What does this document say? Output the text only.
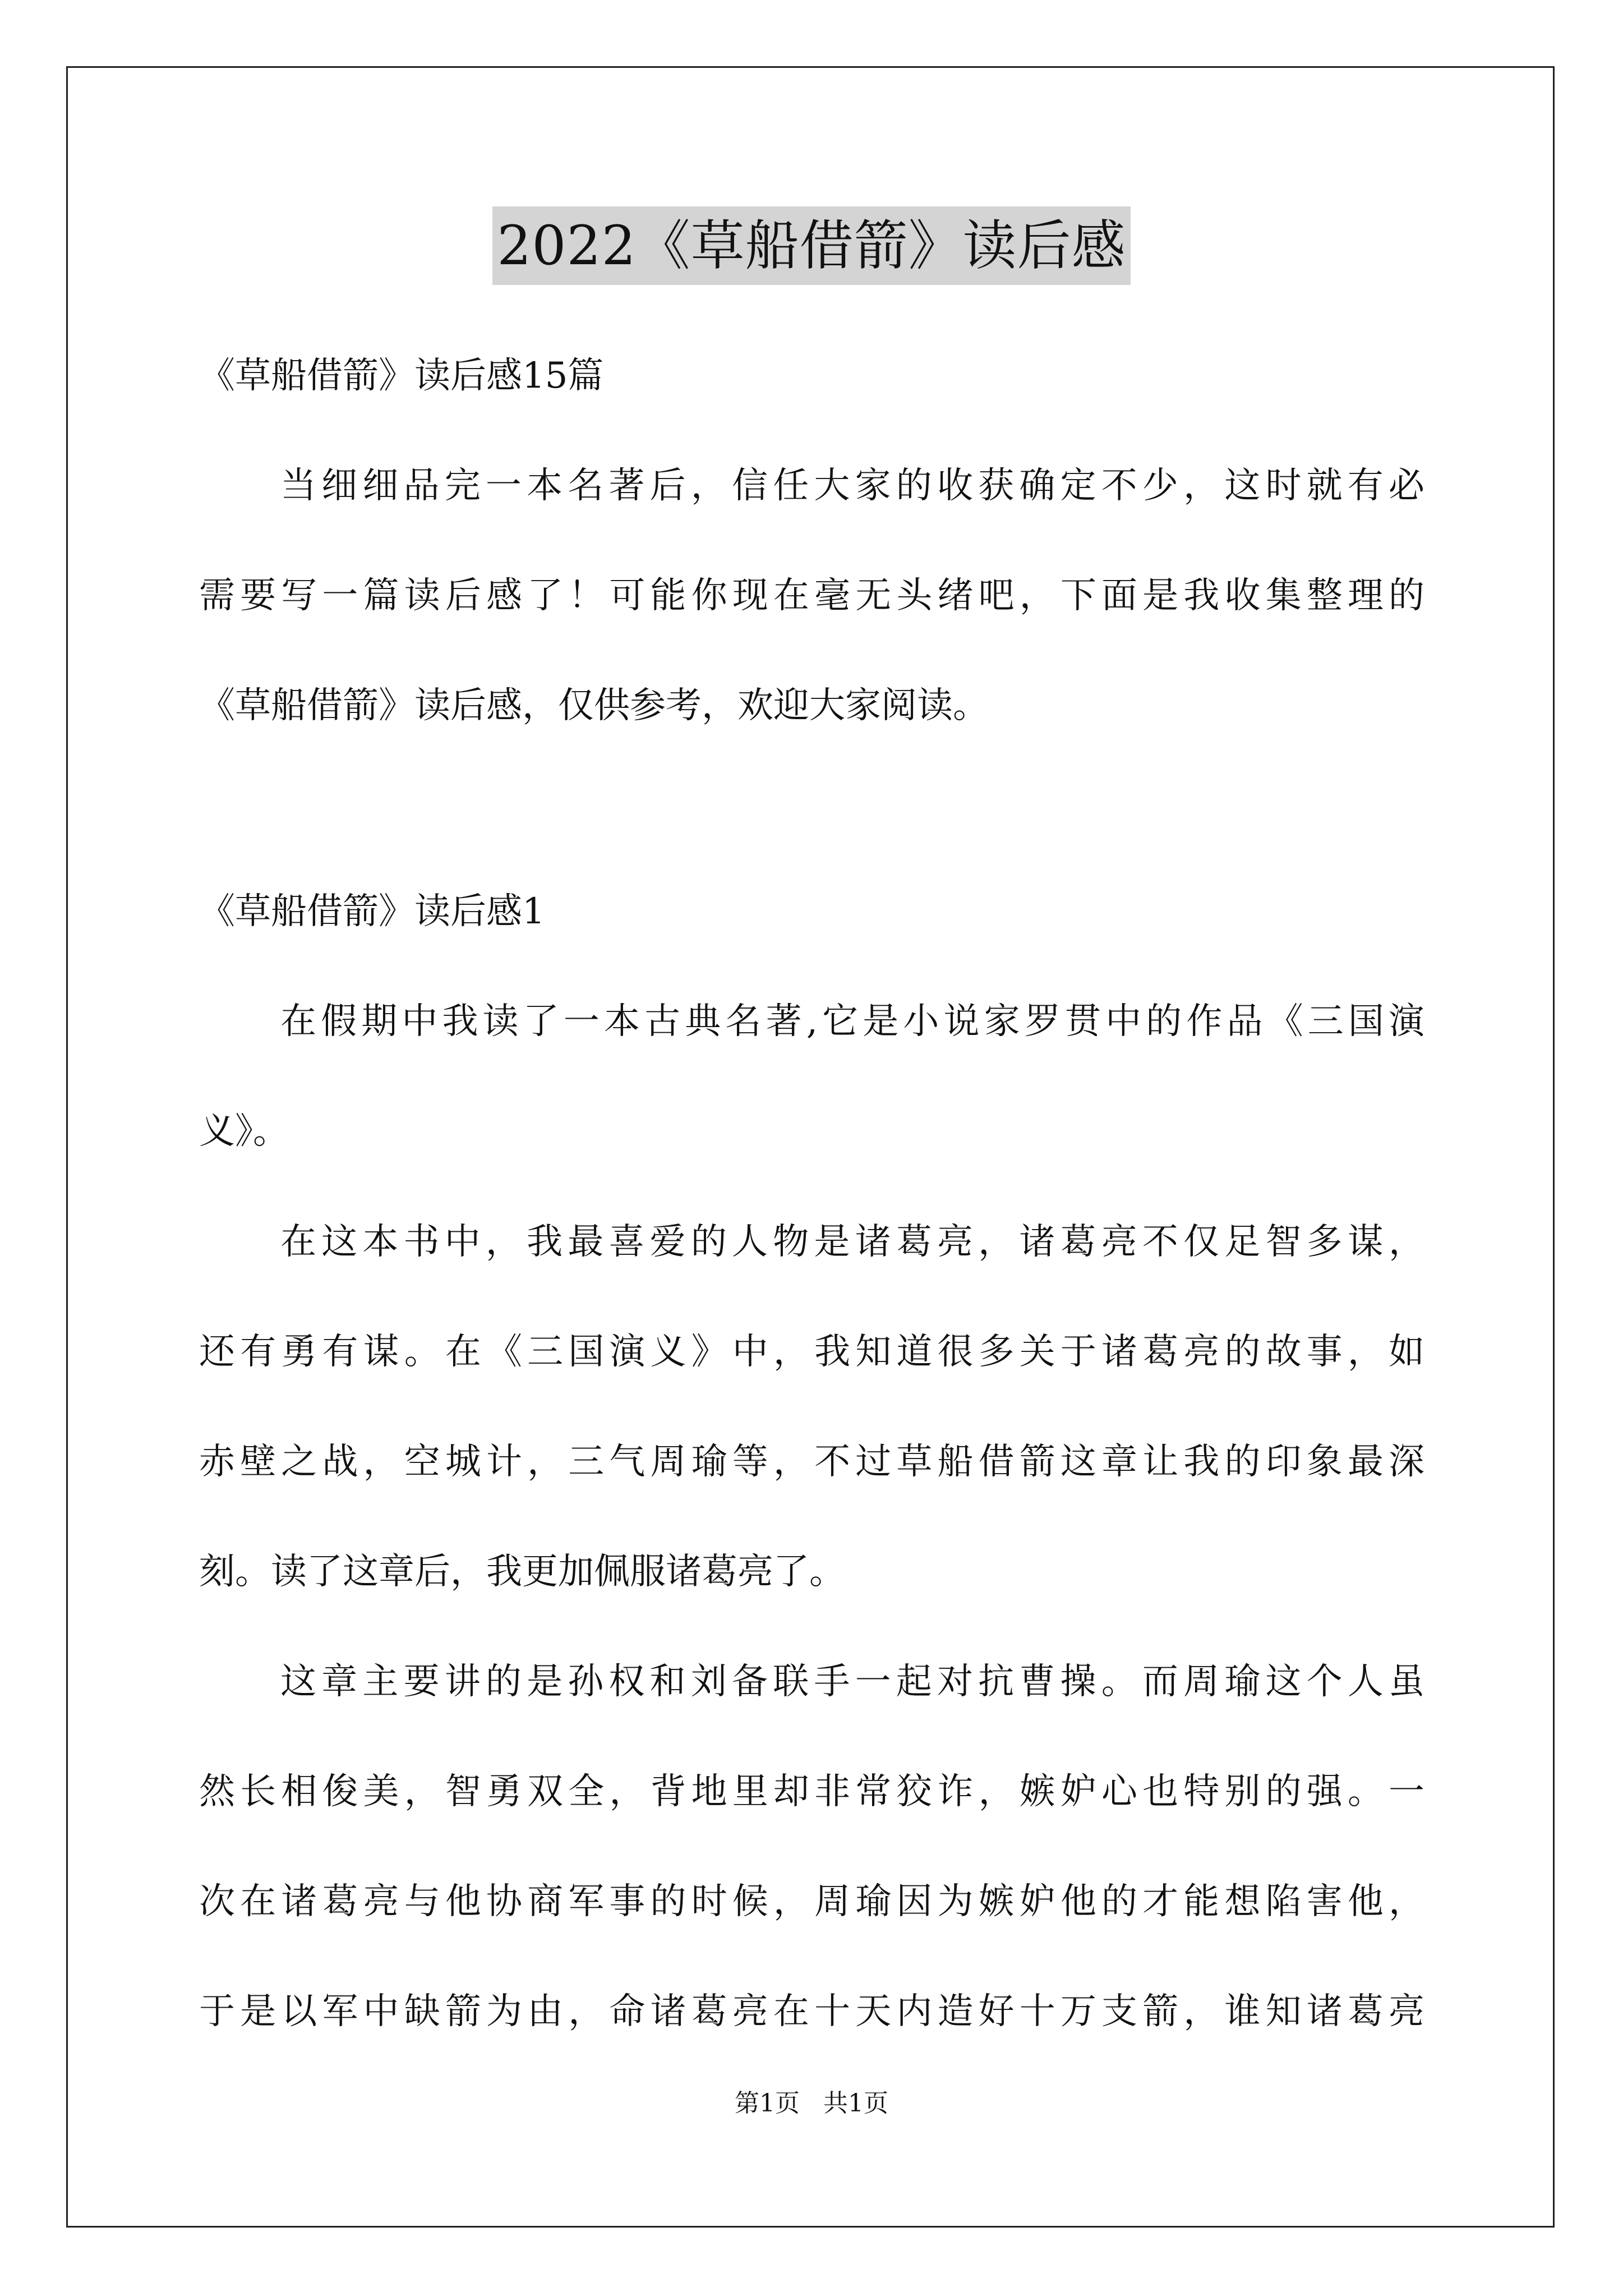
2022《草船借箭》读后感
《草船借箭》读后感15篇
当细细品完一本名著后，信任大家的收获确定不少，这时就有必
需要写一篇读后感了！可能你现在毫无头绪吧，下面是我收集整理的
《草船借箭》读后感，仅供参考，欢迎大家阅读。
《草船借箭》读后感1
在假期中我读了一本古典名著,它是小说家罗贯中的作品《三国演
义》。
在这本书中，我最喜爱的人物是诸葛亮，诸葛亮不仅足智多谋，
还有勇有谋。在《三国演义》中，我知道很多关于诸葛亮的故事，如
赤壁之战，空城计，三气周瑜等，不过草船借箭这章让我的印象最深
刻。读了这章后，我更加佩服诸葛亮了。
这章主要讲的是孙权和刘备联手一起对抗曹操。而周瑜这个人虽
然长相俊美，智勇双全，背地里却非常狡诈，嫉妒心也特别的强。一
次在诸葛亮与他协商军事的时候，周瑜因为嫉妒他的才能想陷害他，
于是以军中缺箭为由，命诸葛亮在十天内造好十万支箭，谁知诸葛亮
第1页   共1页
